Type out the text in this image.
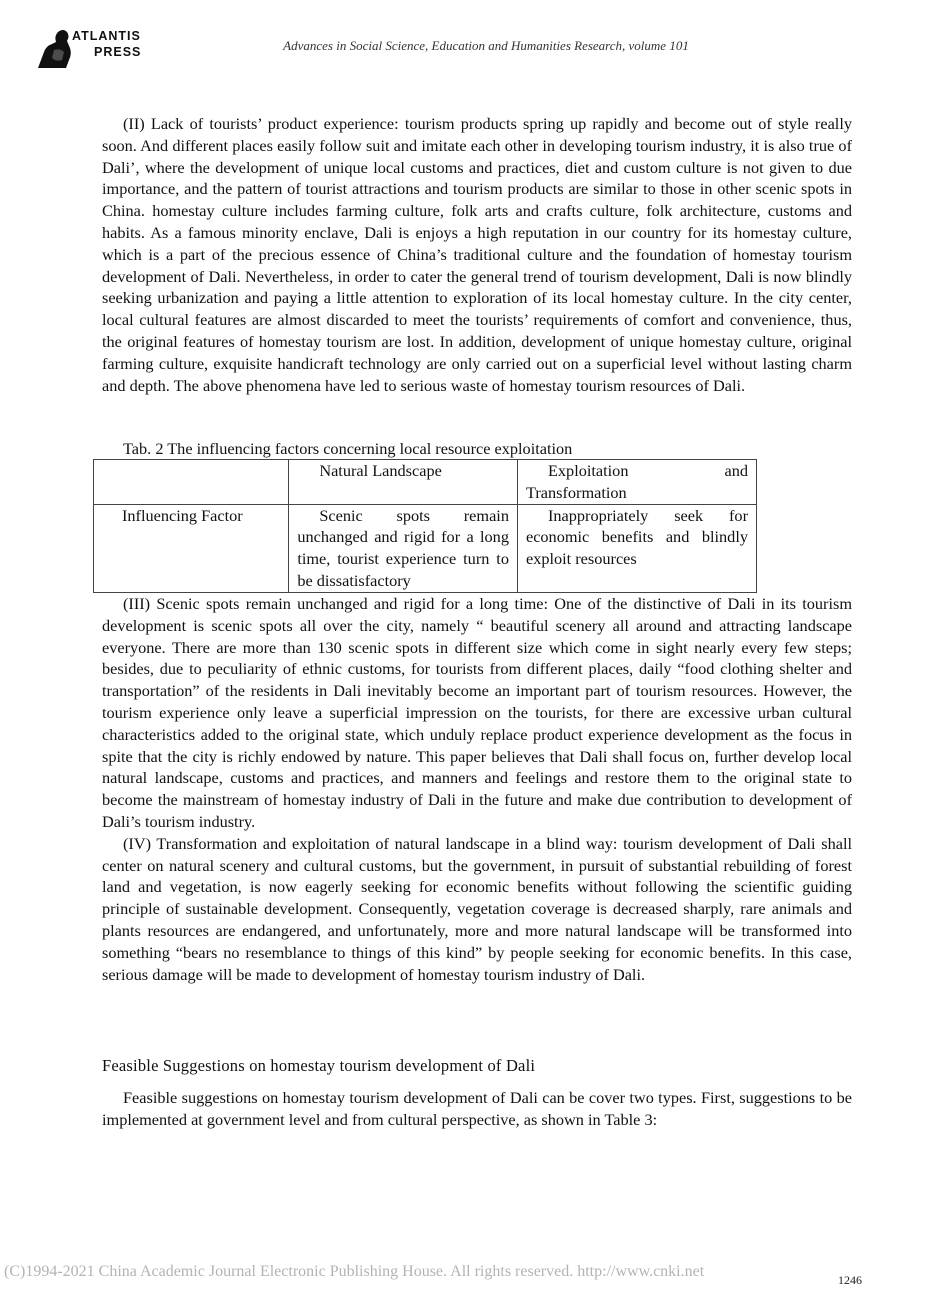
ATLANTIS
PRESS	Advances in Social Science, Education and Humanities Research, volume 101

(II) Lack of tourists’ product experience: tourism products spring up rapidly and become out of style really soon. And different places easily follow suit and imitate each other in developing tourism industry, it is also true of Dali’, where the development of unique local customs and practices, diet and custom culture is not given to due importance, and the pattern of tourist attractions and tourism products are similar to those in other scenic spots in China. homestay culture includes farming culture, folk arts and crafts culture, folk architecture, customs and habits. As a famous minority enclave, Dali is enjoys a high reputation in our country for its homestay culture, which is a part of the precious essence of China’s traditional culture and the foundation of homestay tourism development of Dali. Nevertheless, in order to cater the general trend of tourism development, Dali is now blindly seeking urbanization and paying a little attention to exploration of its local homestay culture. In the city center, local cultural features are almost discarded to meet the tourists’ requirements of comfort and convenience, thus, the original features of homestay tourism are lost. In addition, development of unique homestay culture, original farming culture, exquisite handicraft technology are only carried out on a superficial level without lasting charm and depth. The above phenomena have led to serious waste of homestay tourism resources of Dali.

Tab. 2 The influencing factors concerning local resource exploitation
	Natural Landscape	Exploitation and Transformation
Influencing Factor	Scenic spots remain unchanged and rigid for a long time, tourist experience turn to be dissatisfactory	Inappropriately seek for economic benefits and blindly exploit resources

(III) Scenic spots remain unchanged and rigid for a long time: One of the distinctive of Dali in its tourism development is scenic spots all over the city, namely “ beautiful scenery all around and attracting landscape everyone. There are more than 130 scenic spots in different size which come in sight nearly every few steps; besides, due to peculiarity of ethnic customs, for tourists from different places, daily “food clothing shelter and transportation” of the residents in Dali inevitably become an important part of tourism resources. However, the tourism experience only leave a superficial impression on the tourists, for there are excessive urban cultural characteristics added to the original state, which unduly replace product experience development as the focus in spite that the city is richly endowed by nature. This paper believes that Dali shall focus on, further develop local natural landscape, customs and practices, and manners and feelings and restore them to the original state to become the mainstream of homestay industry of Dali in the future and make due contribution to development of Dali’s tourism industry.

(IV) Transformation and exploitation of natural landscape in a blind way: tourism development of Dali shall center on natural scenery and cultural customs, but the government, in pursuit of substantial rebuilding of forest land and vegetation, is now eagerly seeking for economic benefits without following the scientific guiding principle of sustainable development. Consequently, vegetation coverage is decreased sharply, rare animals and plants resources are endangered, and unfortunately, more and more natural landscape will be transformed into something “bears no resemblance to things of this kind” by people seeking for economic benefits. In this case, serious damage will be made to development of homestay tourism industry of Dali.

Feasible Suggestions on homestay tourism development of Dali

Feasible suggestions on homestay tourism development of Dali can be cover two types. First, suggestions to be implemented at government level and from cultural perspective, as shown in Table 3:

(C)1994-2021 China Academic Journal Electronic Publishing House. All rights reserved. http://www.cnki.net	1246
